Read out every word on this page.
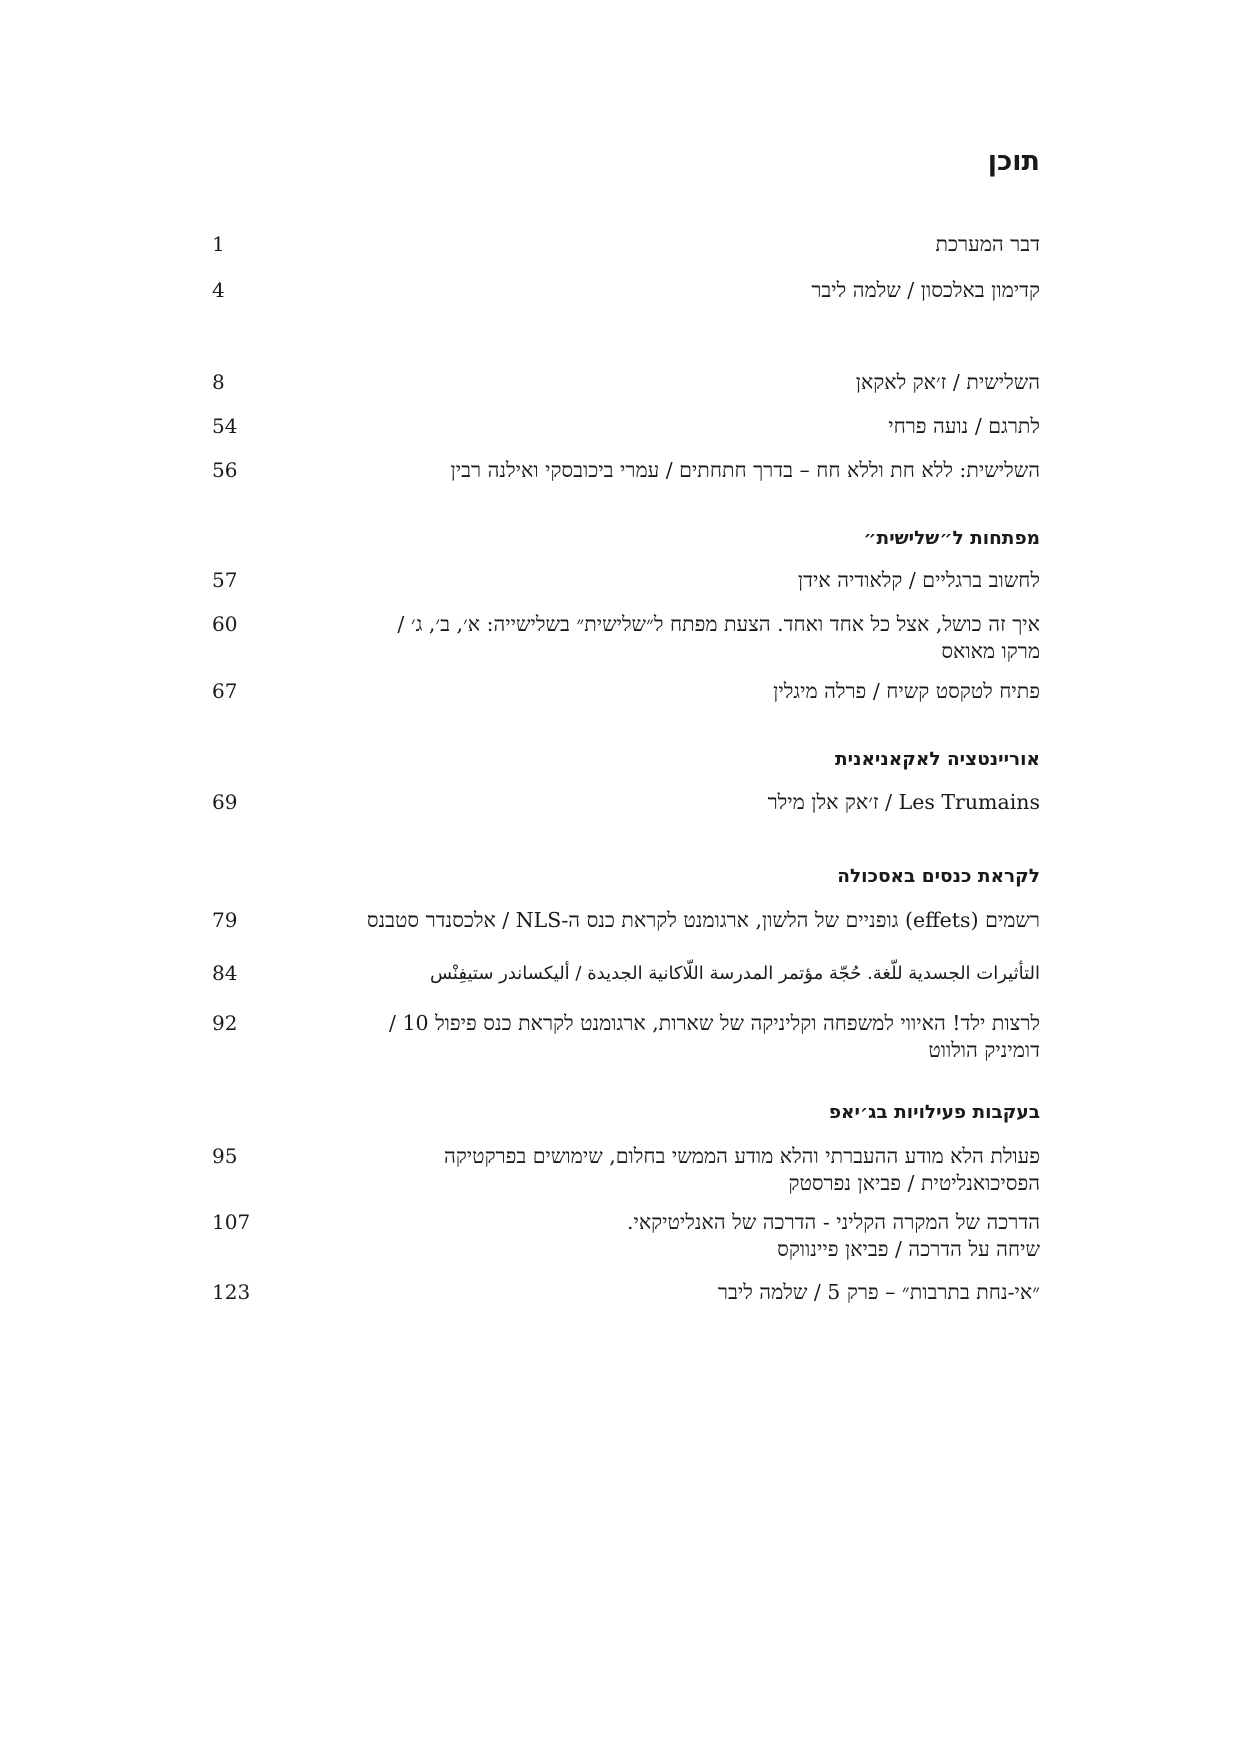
תוכן
דבר המערכת
1
קדימון באלכסון / שלמה ליבר
4
השלישית / ז׳אק לאקאן
8
לתרגם / נועה פרחי
54
השלישית: ללא חת וללא חח – בדרך חתחתים / עמרי ביכובסקי ואילנה רבין
56
מפתחות ל״שלישית״
לחשוב ברגליים / קלאודיה אידן
57
איך זה כושל, אצל כל אחד ואחד. הצעת מפתח ל״שלישית״ בשלישייה: א׳, ב׳, ג׳ /
מרקו מאואס
60
פתיח לטקסט קשיח / פרלה מיגלין
67
אוריינטציה לאקאניאנית
Les Trumains / ז׳אק אלן מילר
69
לקראת כנסים באסכולה
רשמים (effets) גופניים של הלשון, ארגומנט לקראת כנס ה-NLS / אלכסנדר סטבנס
79
التأثيرات الجسدية للّغة. حُجّة مؤتمر المدرسة اللّاكانية الجديدة / أليكساندر ستيفِنْس
84
לרצות ילד! האיווי למשפחה וקליניקה של שארות, ארגומנט לקראת כנס פיפול 10 /
דומיניק הולווט
92
בעקבות פעילויות בג׳יאפ
פעולת הלא מודע ההעברתי והלא מודע הממשי בחלום, שימושים בפרקטיקה
הפסיכואנליטית / פביאן נפרסטק
95
הדרכה של המקרה הקליני - הדרכה של האנליטיקאי.
שיחה על הדרכה / פביאן פיינווקס
107
״אי-נחת בתרבות״ – פרק 5 / שלמה ליבר
123
